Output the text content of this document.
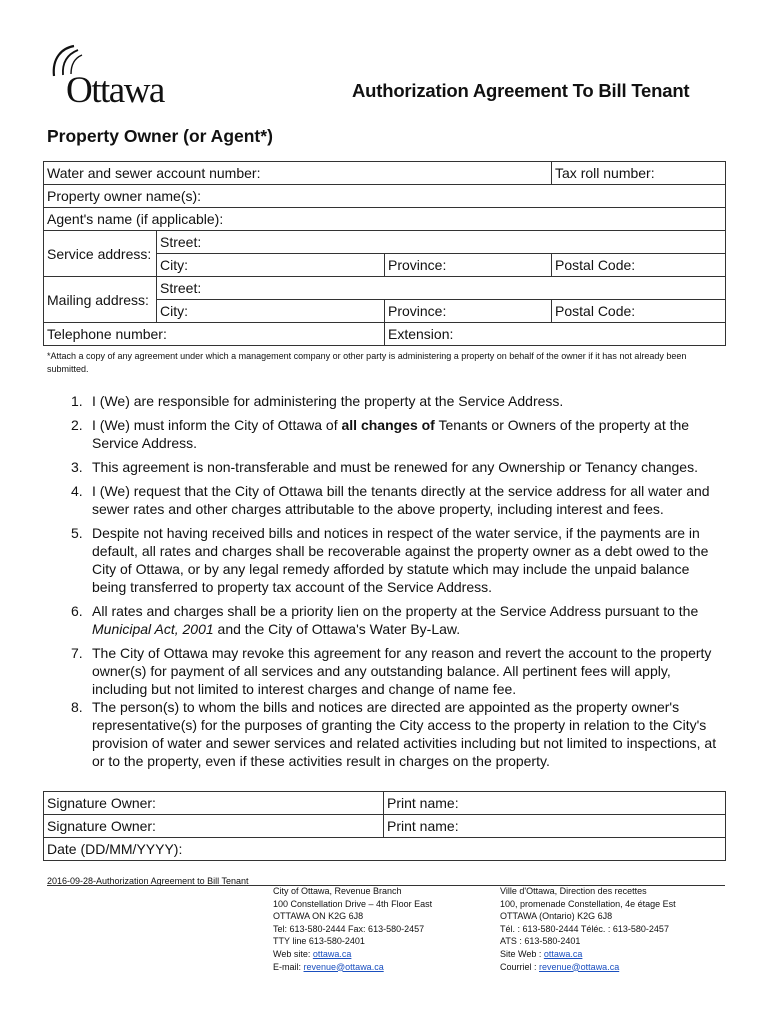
Ottawa	Authorization Agreement To Bill Tenant
Property Owner (or Agent*)
Water and sewer account number:			Tax roll number:
Property owner name(s):			
Agent's name (if applicable):			
Service address:	Street:		
	City:	Province:	Postal Code:
Mailing address:	Street:		
	City:	Province:	Postal Code:
Telephone number:		Extension:	
*Attach a copy of any agreement under which a management company or other party is administering a property on behalf of the owner if it has not already been submitted.
1. I (We) are responsible for administering the property at the Service Address.
2. I (We) must inform the City of Ottawa of all changes of Tenants or Owners of the property at the Service Address.
3. This agreement is non-transferable and must be renewed for any Ownership or Tenancy changes.
4. I (We) request that the City of Ottawa bill the tenants directly at the service address for all water and sewer rates and other charges attributable to the above property, including interest and fees.
5. Despite not having received bills and notices in respect of the water service, if the payments are in default, all rates and charges shall be recoverable against the property owner as a debt owed to the City of Ottawa, or by any legal remedy afforded by statute which may include the unpaid balance being transferred to property tax account of the Service Address.
6. All rates and charges shall be a priority lien on the property at the Service Address pursuant to the Municipal Act, 2001 and the City of Ottawa's Water By-Law.
7. The City of Ottawa may revoke this agreement for any reason and revert the account to the property owner(s) for payment of all services and any outstanding balance. All pertinent fees will apply, including but not limited to interest charges and change of name fee.
8. The person(s) to whom the bills and notices are directed are appointed as the property owner's representative(s) for the purposes of granting the City access to the property in relation to the City's provision of water and sewer services and related activities including but not limited to inspections, at or to the property, even if these activities result in charges on the property.
Signature Owner:	Print name:
Signature Owner:	Print name:
Date (DD/MM/YYYY):	
2016-09-28-Authorization Agreement to Bill Tenant
City of Ottawa, Revenue Branch
100 Constellation Drive – 4th Floor East
OTTAWA ON K2G 6J8
Tel: 613-580-2444 Fax: 613-580-2457
TTY line 613-580-2401
Web site: ottawa.ca
E-mail: revenue@ottawa.ca
Ville d'Ottawa, Direction des recettes
100, promenade Constellation, 4e étage Est
OTTAWA (Ontario) K2G 6J8
Tél. : 613-580-2444 Téléc. : 613-580-2457
ATS : 613-580-2401
Site Web : ottawa.ca
Courriel : revenue@ottawa.ca
